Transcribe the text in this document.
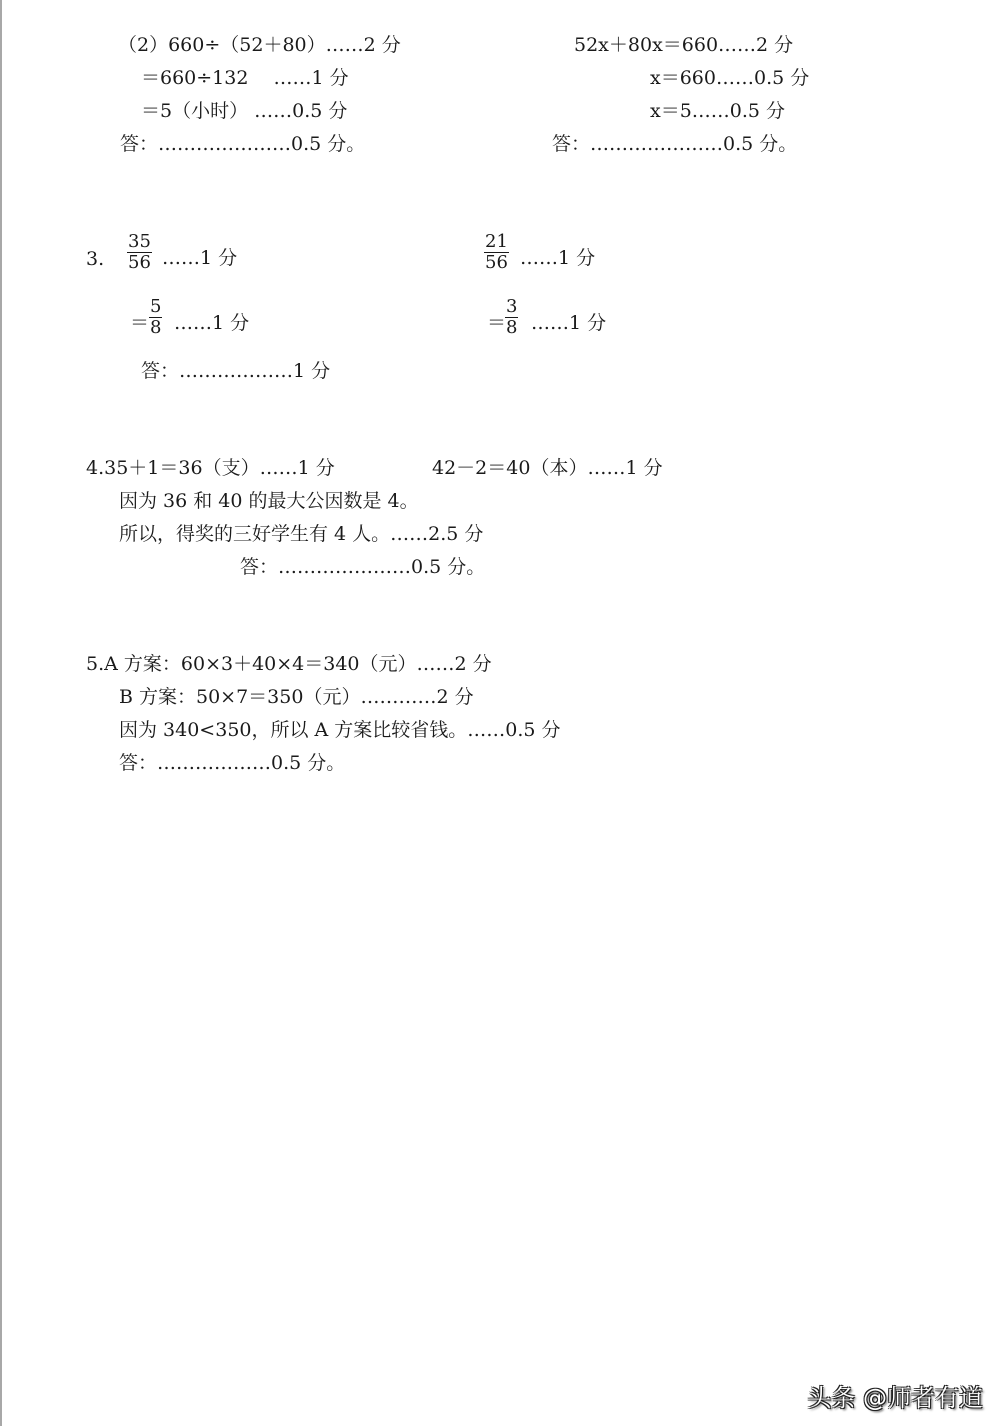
（2）660÷（52＋80）……2 分
＝660÷132　 ……1 分
＝5（小时） ……0.5 分
答：…………………0.5 分。
52x＋80x＝660……2 分
x＝660……0.5 分
x＝5……0.5 分
答：…………………0.5 分。
3. $\frac{35}{56}$ ……1 分
＝ $\frac{5}{8}$ ……1 分
$\frac{21}{56}$ ……1 分
＝
$\frac{3}{8}$ ……1 分
答：………………1 分
4.35＋1＝36（支）……1 分	42－2＝40（本）……1 分
因为 36 和 40 的最大公因数是 4。
所以，得奖的三好学生有 4 人。……2.5 分
答：…………………0.5 分。
5.A 方案：60×3＋40×4＝340（元）……2 分
B 方案：50×7＝350（元）…………2 分
因为 340<350，所以 A 方案比较省钱。……0.5 分
答：………………0.5 分。
头条 @师者有道
